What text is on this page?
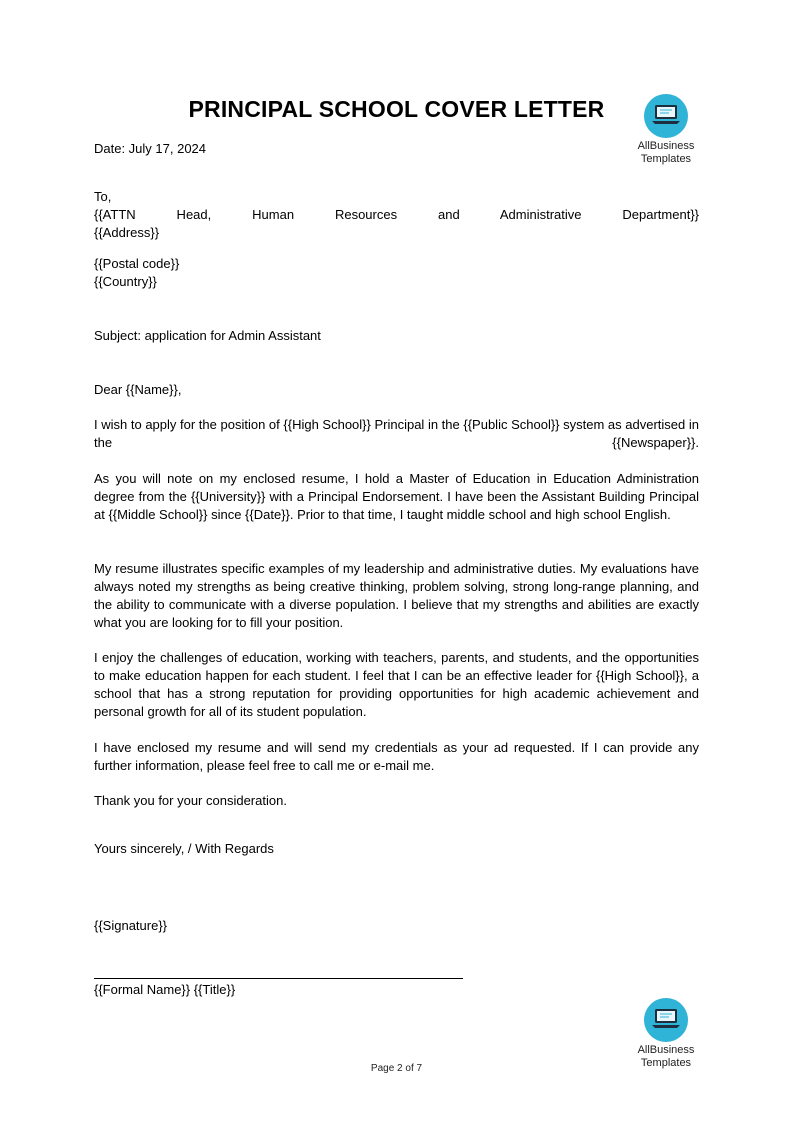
PRINCIPAL SCHOOL COVER LETTER
AllBusiness
Templates
Date: July 17, 2024
To,
{{ATTN Head, Human Resources and Administrative Department}}
{{Address}}
{{Postal code}}
{{Country}}
Subject: application for Admin Assistant
Dear {{Name}},

I wish to apply for the position of {{High School}} Principal in the {{Public School}} system as advertised in the {{Newspaper}}.

As you will note on my enclosed resume, I hold a Master of Education in Education Administration degree from the {{University}} with a Principal Endorsement. I have been the Assistant Building Principal at {{Middle School}} since {{Date}}. Prior to that time, I taught middle school and high school English.

My resume illustrates specific examples of my leadership and administrative duties. My evaluations have always noted my strengths as being creative thinking, problem solving, strong long-range planning, and the ability to communicate with a diverse population. I believe that my strengths and abilities are exactly what you are looking for to fill your position.

I enjoy the challenges of education, working with teachers, parents, and students, and the opportunities to make education happen for each student. I feel that I can be an effective leader for {{High School}}, a school that has a strong reputation for providing opportunities for high academic achievement and personal growth for all of its student population.

I have enclosed my resume and will send my credentials as your ad requested. If I can provide any further information, please feel free to call me or e-mail me.

Thank you for your consideration.
Yours sincerely, / With Regards
{{Signature}}
{{Formal Name}} {{Title}}
AllBusiness
Templates
Page 2 of 7
